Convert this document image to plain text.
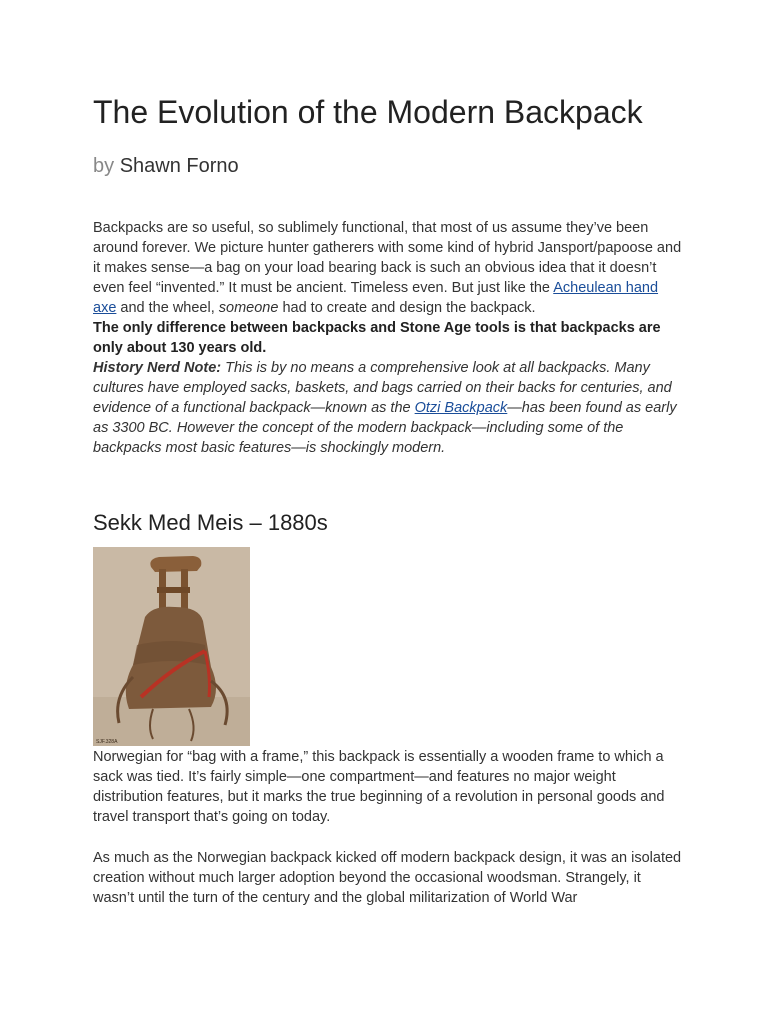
The Evolution of the Modern Backpack
by Shawn Forno

Backpacks are so useful, so sublimely functional, that most of us assume they’ve been around forever. We picture hunter gatherers with some kind of hybrid Jansport/papoose and it makes sense—a bag on your load bearing back is such an obvious idea that it doesn’t even feel “invented.” It must be ancient. Timeless even. But just like the Acheulean hand axe and the wheel, someone had to create and design the backpack.

The only difference between backpacks and Stone Age tools is that backpacks are only about 130 years old.

History Nerd Note: This is by no means a comprehensive look at all backpacks. Many cultures have employed sacks, baskets, and bags carried on their backs for centuries, and evidence of a functional backpack—known as the Otzi Backpack—has been found as early as 3300 BC. However the concept of the modern backpack—including some of the backpacks most basic features—is shockingly modern.

Sekk Med Meis – 1880s
SJF.328A

Norwegian for “bag with a frame,” this backpack is essentially a wooden frame to which a sack was tied. It’s fairly simple—one compartment—and features no major weight distribution features, but it marks the true beginning of a revolution in personal goods and travel transport that’s going on today.

As much as the Norwegian backpack kicked off modern backpack design, it was an isolated creation without much larger adoption beyond the occasional woodsman. Strangely, it wasn’t until the turn of the century and the global militarization of World War
